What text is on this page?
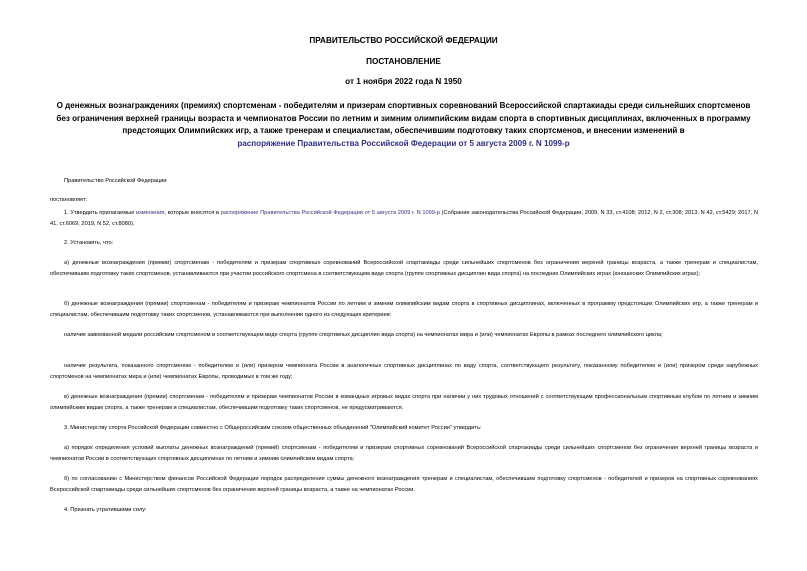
ПРАВИТЕЛЬСТВО РОССИЙСКОЙ ФЕДЕРАЦИИ
ПОСТАНОВЛЕНИЕ
от 1 ноября 2022 года N 1950
О денежных вознаграждениях (премиях) спортсменам - победителям и призерам спортивных соревнований Всероссийской спартакиады среди сильнейших спортсменов без ограничения верхней границы возраста и чемпионатов России по летним и зимним олимпийским видам спорта в спортивных дисциплинах, включенных в программу предстоящих Олимпийских игр, а также тренерам и специалистам, обеспечившим подготовку таких спортсменов, и внесении изменений в
распоряжение Правительства Российской Федерации от 5 августа 2009 г. N 1099-р
Правительство Российской Федерации
постановляет:
1. Утвердить прилагаемые изменения, которые вносятся в распоряжение Правительства Российской Федерации от 5 августа 2009 г. N 1099-р (Собрание законодательства Российской Федерации, 2009, N 33, ст.4108; 2012, N 2, ст.308; 2013, N 42, ст.5429; 2017, N 41, ст.6069; 2019, N 52, ст.8080).
2. Установить, что:
а) денежные вознаграждения (премии) спортсменам - победителям и призерам спортивных соревнований Всероссийской спартакиады среди сильнейших спортсменов без ограничения верхней границы возраста, а также тренерам и специалистам, обеспечившим подготовку таких спортсменов, устанавливаются при участии российского спортсмена в соответствующем виде спорта (группе спортивных дисциплин вида спорта) на последних Олимпийских играх (юношеских Олимпийских играх);
б) денежные вознаграждения (премии) спортсменам - победителям и призерам чемпионатов России по летним и зимним олимпийским видам спорта в спортивных дисциплинах, включенных в программу предстоящих Олимпийских игр, а также тренерам и специалистам, обеспечившим подготовку таких спортсменов, устанавливаются при выполнении одного из следующих критериев:
наличие завоеванной медали российским спортсменом в соответствующем виде спорта (группе спортивных дисциплин вида спорта) на чемпионатах мира и (или) чемпионатах Европы в рамках последнего олимпийского цикла;
наличие результата, показанного спортсменом - победителем и (или) призером чемпионата России в аналогичных спортивных дисциплинах по виду спорта, соответствующего результату, показанному победителем и (или) призером среди зарубежных спортсменов на чемпионатах мира и (или) чемпионатах Европы, проводимых в том же году;
в) денежные вознаграждения (премии) спортсменам - победителям и призерам чемпионатов России в командных игровых видах спорта при наличии у них трудовых отношений с соответствующим профессиональным спортивным клубом по летним и зимним олимпийским видам спорта, а также тренерам и специалистам, обеспечившим подготовку таких спортсменов, не предусматриваются.
3. Министерству спорта Российской Федерации совместно с Общероссийским союзом общественных объединений "Олимпийский комитет России" утвердить:
а) порядок определения условий выплаты денежных вознаграждений (премий) спортсменам - победителям и призерам спортивных соревнований Всероссийской спартакиады среди сильнейших спортсменов без ограничения верхней границы возраста и чемпионатов России в соответствующих спортивных дисциплинах по летним и зимним олимпийским видам спорта;
б) по согласованию с Министерством финансов Российской Федерации порядок распределения суммы денежного вознаграждения тренерам и специалистам, обеспечившим подготовку спортсменов - победителей и призеров на спортивных соревнованиях Всероссийской спартакиады среди сильнейших спортсменов без ограничения верхней границы возраста, а также на чемпионатах России.
4. Признать утратившими силу:
